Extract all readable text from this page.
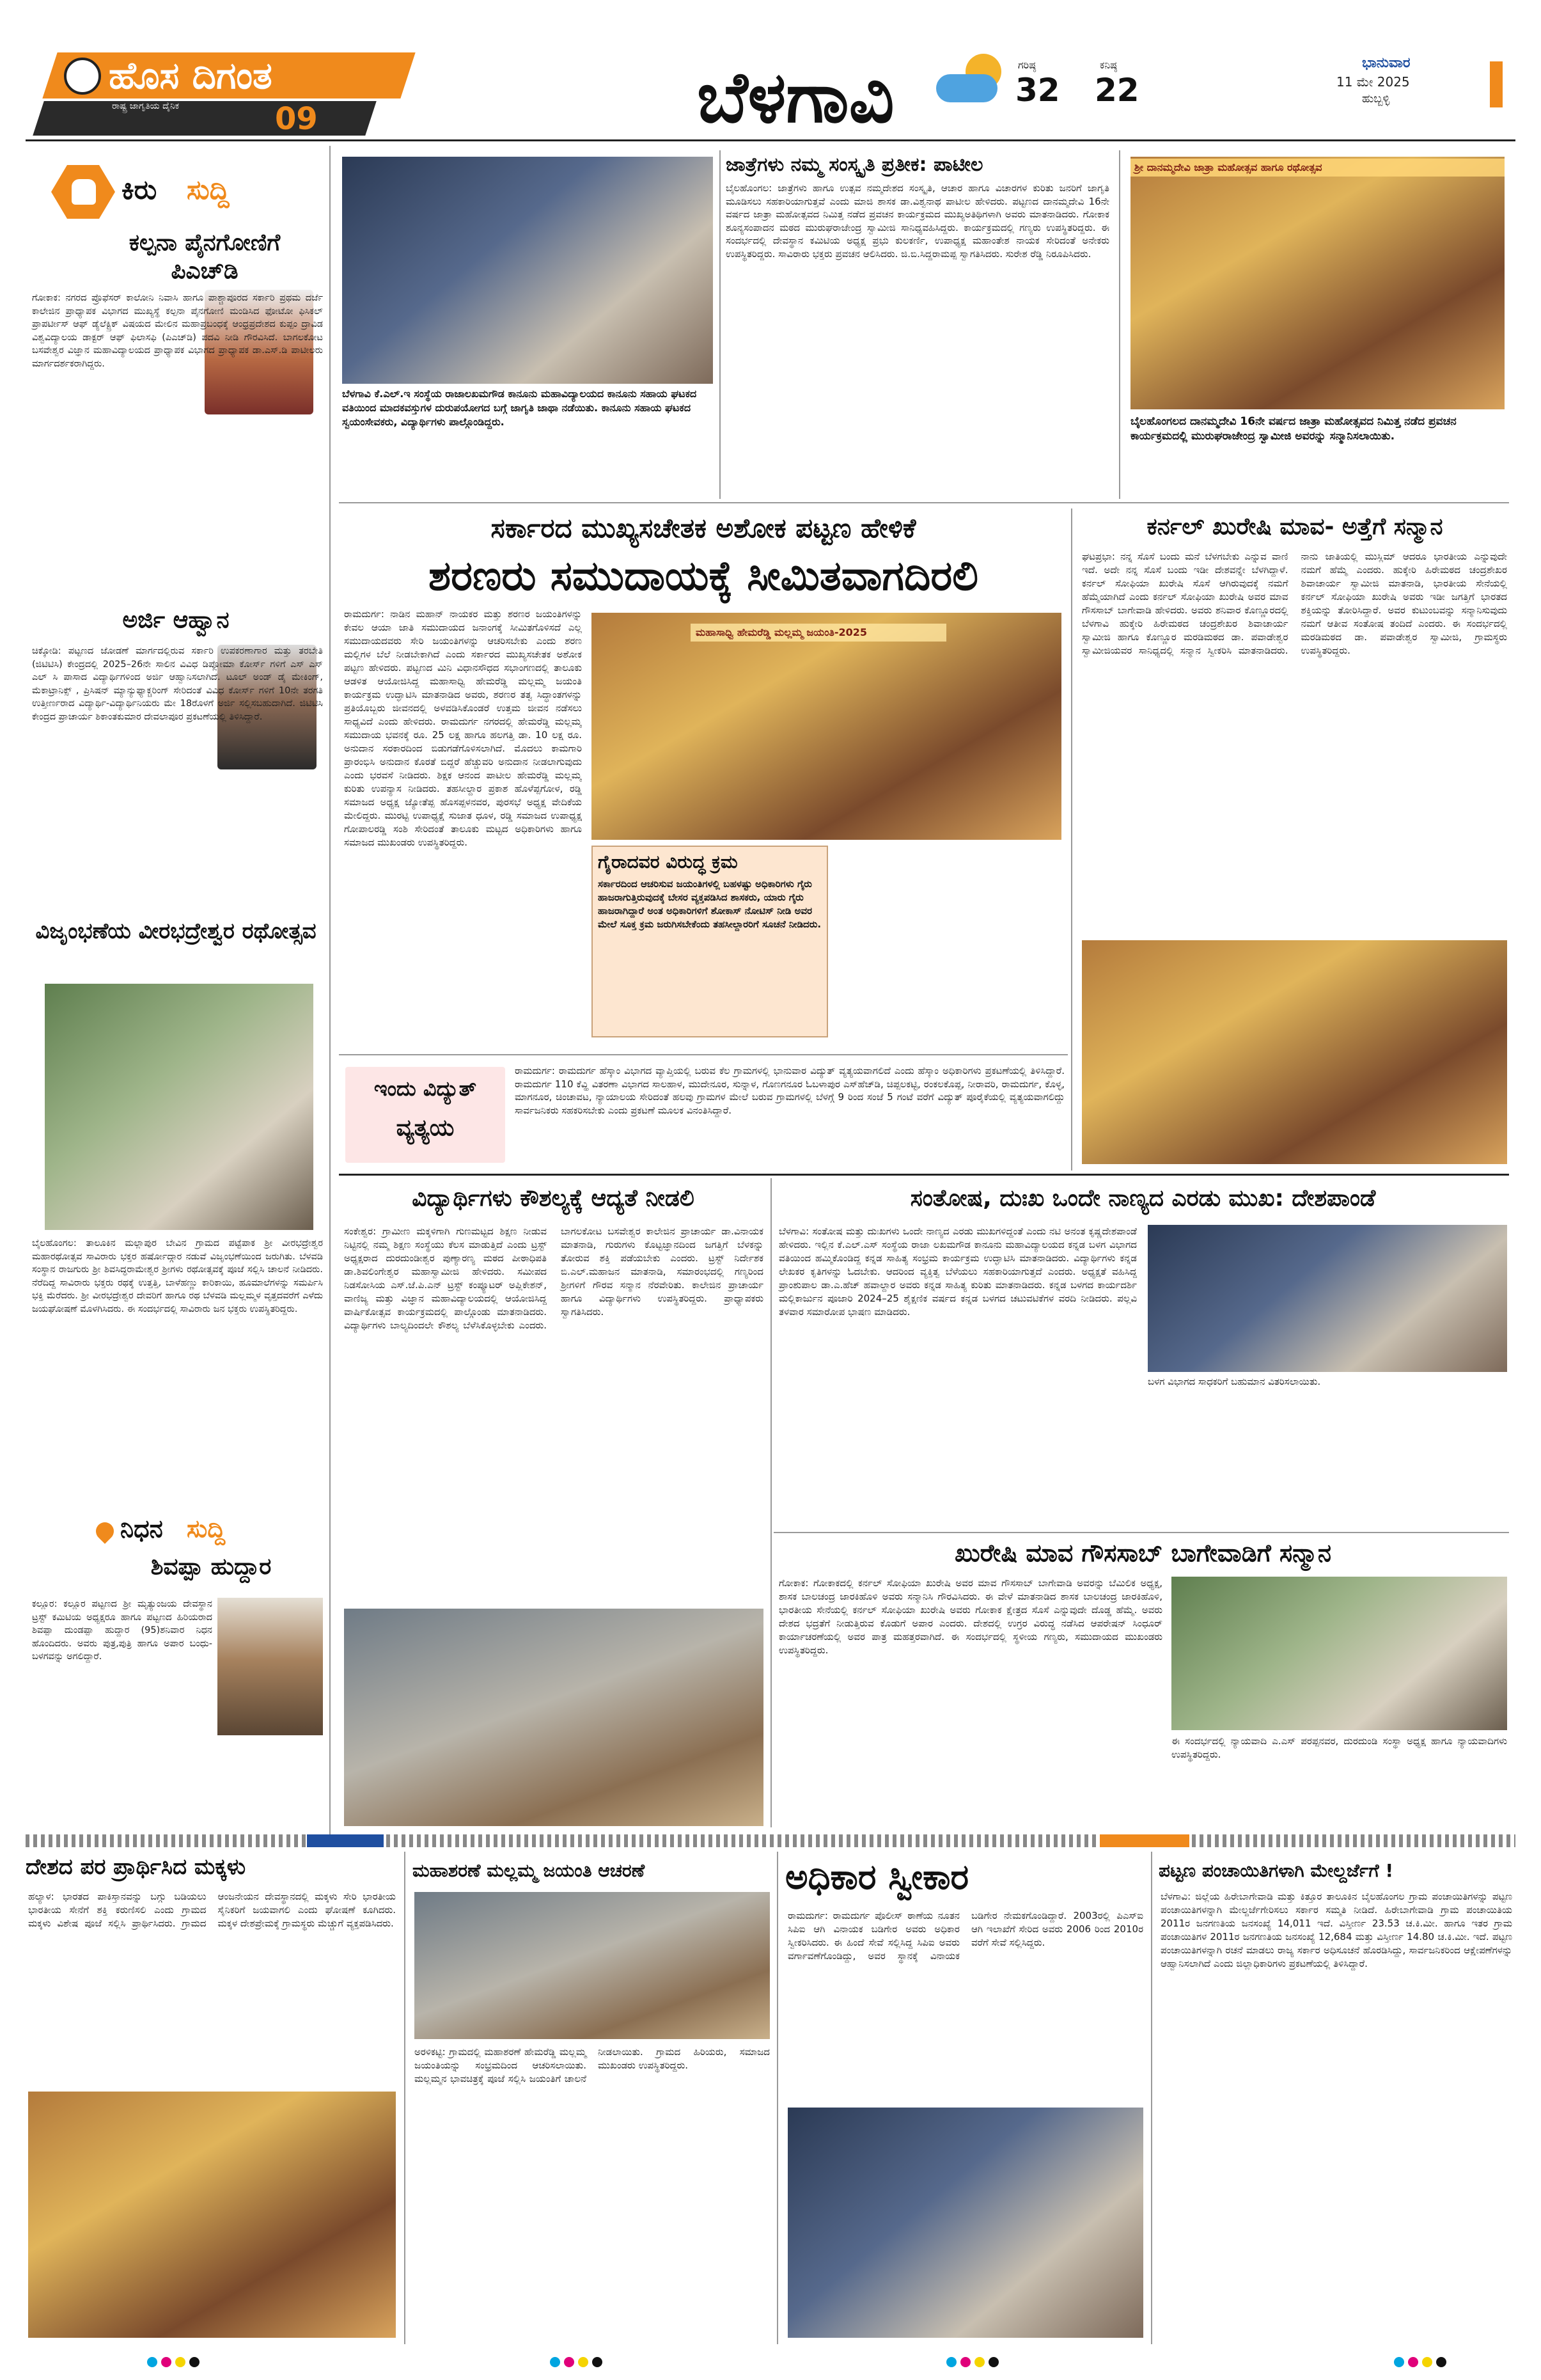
ಹೊಸ ದಿಗಂತ
ರಾಷ್ಟ್ರ ಜಾಗೃತಿಯ ದೈನಿಕ	09	ಬೆಳಗಾವಿ	ಗರಿಷ್ಠ
32
ಕನಿಷ್ಠ
22
ಭಾನುವಾರ
11 ಮೇ 2025
ಹುಬ್ಬಳ್ಳಿ
ಕಿರು ಸುದ್ದಿ
ಕಲ್ಪನಾ ಪೈನಗೋಣಿಗೆ ಪಿಎಚ್‌ಡಿ
ಗೋಕಾಕ: ನಗರದ ಪ್ರೊಫೆಸರ್ ಕಾಲೋನಿ ನಿವಾಸಿ ಹಾಗೂ ಪಾಶ್ಚಾಪೂರದ ಸರ್ಕಾರಿ ಪ್ರಥಮ ದರ್ಜೆ ಕಾಲೇಜಿನ ಪ್ರಾಧ್ಯಾಪಕ ವಿಭಾಗದ ಮುಖ್ಯಸ್ಥೆ ಕಲ್ಪನಾ ಪೈನಗೋಣಿ ಮಂಡಿಸಿದ ಫೋಟೋ ಫಿಸಿಕಲ್ ಪ್ರಾಪರ್ಟೀಸ್ ಆಫ್ ಡ್ಯೆಲೆಕ್ಟ್ರಿಕ್ ವಿಷಯದ ಮೇಲಿನ ಮಹಾಪ್ರಬಂಧಕ್ಕೆ ಆಂಧ್ರಪ್ರದೇಶದ ಕುಪ್ಪಂ ದ್ರಾವಿಡ ವಿಶ್ವವಿದ್ಯಾಲಯ ಡಾಕ್ಟರ್ ಆಫ್ ಫಿಲಾಸಫಿ (ಪಿಎಚ್‌ಡಿ) ಪದವಿ ನೀಡಿ ಗೌರವಿಸಿದೆ. ಬಾಗಲಕೋಟ ಬಸವೇಶ್ವರ ವಿಜ್ಞಾನ ಮಹಾವಿದ್ಯಾಲಯದ ಪ್ರಾಧ್ಯಾಪಕ ವಿಭಾಗದ ಪ್ರಾಧ್ಯಾಪಕ ಡಾ.ಎಸ್.ಡಿ ಪಾಟೀಲರು ಮಾರ್ಗದರ್ಶಕರಾಗಿದ್ದರು.
ಅರ್ಜಿ ಆಹ್ವಾನ
ಚಿಕ್ಕೋಡಿ: ಪಟ್ಟಣದ ಜೋಡಣೆ ಮಾರ್ಗದಲ್ಲಿರುವ ಸರ್ಕಾರಿ ಉಪಕರಣಾಗಾರ ಮತ್ತು ತರಬೇತಿ (ಜಿಟಿಟಿಸಿ) ಕೇಂದ್ರದಲ್ಲಿ 2025–26ನೇ ಸಾಲಿನ ವಿವಿಧ ಡಿಪ್ಲೋಮಾ ಕೋರ್ಸ್ ಗಳಿಗೆ ಎಸ್ ಎಸ್ ಎಲ್ ಸಿ ಪಾಸಾದ ವಿದ್ಯಾರ್ಥಿಗಳಿಂದ ಅರ್ಜಿ ಆಹ್ವಾನಿಸಲಾಗಿದೆ. ಟೂಲ್ ಅಂಡ್ ಡೈ ಮೇಕಿಂಗ್, ಮೆಕಾಟ್ರಾನಿಕ್ಸ್ , ಪ್ರಿಸಿಷನ್ ಮ್ಯಾನ್ಯುಫ್ಯಾಕ್ಚರಿಂಗ್ ಸೇರಿದಂತೆ ವಿವಿಧ ಕೋರ್ಸ್ ಗಳಿಗೆ 10ನೇ ತರಗತಿ ಉತ್ತೀರ್ಣರಾದ ವಿದ್ಯಾರ್ಥಿ-ವಿದ್ಯಾರ್ಥಿನಿಯರು ಮೇ 18ರೊಳಗೆ ಅರ್ಜಿ ಸಲ್ಲಿಸಬಹುದಾಗಿದೆ. ಜಿಟಿಟಿಸಿ ಕೇಂದ್ರದ ಪ್ರಾಚಾರ್ಯ ಶಿಕಾಂತಕುಮಾರ ದೇವಲಾಪೂರ ಪ್ರಕಟಣೆಯಲ್ಲಿ ತಿಳಿಸಿದ್ದಾರೆ.
ವಿಜೃಂಭಣೆಯ ವೀರಭದ್ರೇಶ್ವರ ರಥೋತ್ಸವ
ಬೈಲಹೊಂಗಲ: ತಾಲೂಕಿನ ಮಲ್ಲಾಪುರ ಬೇವಿನ ಗ್ರಾಮದ ಪಟ್ಟೆಪಾಕ ಶ್ರೀ ವೀರಭದ್ರೇಶ್ವರ ಮಹಾರಥೋತ್ಸವ ಸಾವಿರಾರು ಭಕ್ತರ ಹರ್ಷೋದ್ಗಾರ ನಡುವೆ ವಿಜೃಂಭಣೆಯಿಂದ ಜರುಗಿತು. ಬೆಳವಡಿ ಸಂಸ್ಥಾನ ರಾಜಗುರು ಶ್ರೀ ಶಿವಸಿದ್ಧರಾಮೇಶ್ವರ ಶ್ರೀಗಳು ರಥೋತ್ಸವಕ್ಕೆ ಪೂಜೆ ಸಲ್ಲಿಸಿ ಚಾಲನೆ ನೀಡಿದರು. ನೆರೆದಿದ್ದ ಸಾವಿರಾರು ಭಕ್ತರು ರಥಕ್ಕೆ ಉತ್ತತ್ತಿ, ಬಾಳೆಹಣ್ಣು ಕಾರಿಕಾಯಿ, ಹೂಮಾಲೆಗಳನ್ನು ಸಮರ್ಪಿಸಿ ಭಕ್ತಿ ಮೆರೆದರು. ಶ್ರೀ ವೀರಭದ್ರೇಶ್ವರ ದೇವರಿಗೆ ಹಾಗೂ ರಥ ಬೆಳವಡಿ ಮಲ್ಲಮ್ಮಳ ವೃತ್ತದವರೆಗೆ ಎಳೆದು ಜಯಘೋಷಣೆ ಮೊಳಗಿಸಿದರು. ಈ ಸಂದರ್ಭದಲ್ಲಿ ಸಾವಿರಾರು ಜನ ಭಕ್ತರು ಉಪಸ್ಥಿತರಿದ್ದರು.
ನಿಧನ ಸುದ್ದಿ
ಶಿವಪ್ಪಾ ಹುದ್ದಾರ
ಕಲ್ಲೂರ: ಕಲ್ಲೂರ ಪಟ್ಟಣದ ಶ್ರೀ ಮೃತ್ಯುಂಜಯ ದೇವಸ್ಥಾನ ಟ್ರಸ್ಟ್ ಕಮಿಟಿಯ ಅಧ್ಯಕ್ಷರೂ ಹಾಗೂ ಪಟ್ಟಣದ ಹಿರಿಯರಾದ ಶಿವಪ್ಪಾ ದುಂಡಪ್ಪಾ ಹುದ್ದಾರ (95)ಶನಿವಾರ ನಿಧನ ಹೊಂದಿದರು. ಅವರು ಪುತ್ರ,ಪುತ್ರಿ ಹಾಗೂ ಅಪಾರ ಬಂಧು-ಬಳಗವನ್ನು ಅಗಲಿದ್ದಾರೆ.
ಬೆಳಗಾವಿ ಕೆ.ಎಲ್.ಇ ಸಂಸ್ಥೆಯ ರಾಜಾಲಖಮಗೌಡ ಕಾನೂನು ಮಹಾವಿದ್ಯಾಲಯದ ಕಾನೂನು ಸಹಾಯ ಘಟಕದ ವತಿಯಿಂದ ಮಾದಕವಸ್ತುಗಳ ದುರುಪಯೋಗದ ಬಗ್ಗೆ ಜಾಗೃತಿ ಜಾಥಾ ನಡೆಯಿತು. ಕಾನೂನು ಸಹಾಯ ಘಟಕದ ಸ್ವಯಂಸೇವಕರು, ವಿದ್ಯಾರ್ಥಿಗಳು ಪಾಲ್ಗೊಂಡಿದ್ದರು.
ಜಾತ್ರೆಗಳು ನಮ್ಮ ಸಂಸ್ಕೃತಿ ಪ್ರತೀಕ: ಪಾಟೀಲ
ಬೈಲಹೊಂಗಲ: ಜಾತ್ರೆಗಳು ಹಾಗೂ ಉತ್ಸವ ನಮ್ಮದೇಶದ ಸಂಸ್ಕೃತಿ, ಆಚಾರ ಹಾಗೂ ವಿಚಾರಗಳ ಕುರಿತು ಜನರಿಗೆ ಜಾಗೃತಿ ಮೂಡಿಸಲು ಸಹಕಾರಿಯಾಗುತ್ತವೆ ಎಂದು ಮಾಜಿ ಶಾಸಕ ಡಾ.ವಿಶ್ವನಾಥ ಪಾಟೀಲ ಹೇಳಿದರು. ಪಟ್ಟಣದ ದಾನಮ್ಮದೇವಿ 16ನೇ ವರ್ಷದ ಜಾತ್ರಾ ಮಹೋತ್ಸವದ ನಿಮಿತ್ತ ನಡೆದ ಪ್ರವಚನ ಕಾರ್ಯಕ್ರಮದ ಮುಖ್ಯಅತಿಥಿಗಳಾಗಿ ಅವರು ಮಾತನಾಡಿದರು. ಗೋಕಾಕ ಶೂನ್ಯಸಂಪಾದನ ಮಠದ ಮುರುಘರಾಜೇಂದ್ರ ಸ್ವಾಮೀಜಿ ಸಾನಿಧ್ಯವಹಿಸಿದ್ದರು. ಕಾರ್ಯಕ್ರಮದಲ್ಲಿ ಗಣ್ಯರು ಉಪಸ್ಥಿತರಿದ್ದರು. ಈ ಸಂದರ್ಭದಲ್ಲಿ ದೇವಸ್ಥಾನ ಕಮಿಟಿಯ ಅಧ್ಯಕ್ಷ ಪ್ರಭು ಕುಲಕರ್ಣಿ, ಉಪಾಧ್ಯಕ್ಷ ಮಹಾಂತೇಶ ನಾಯಕ ಸೇರಿದಂತೆ ಅನೇಕರು ಉಪಸ್ಥಿತರಿದ್ದರು. ಸಾವಿರಾರು ಭಕ್ತರು ಪ್ರವಚನ ಆಲಿಸಿದರು. ಜಿ.ಬಿ.ಸಿದ್ದರಾಮಪ್ಪ ಸ್ವಾಗತಿಸಿದರು. ಸುರೇಶ ರೆಡ್ಡಿ ನಿರೂಪಿಸಿದರು.
ಶ್ರೀ ದಾನಮ್ಮದೇವಿ ಜಾತ್ರಾ ಮಹೋತ್ಸವ ಹಾಗೂ ರಥೋತ್ಸವ
ಬೈಲಹೊಂಗಲದ ದಾನಮ್ಮದೇವಿ 16ನೇ ವರ್ಷದ ಜಾತ್ರಾ ಮಹೋತ್ಸವದ ನಿಮಿತ್ತ ನಡೆದ ಪ್ರವಚನ ಕಾರ್ಯಕ್ರಮದಲ್ಲಿ ಮುರುಘರಾಜೇಂದ್ರ ಸ್ವಾಮೀಜಿ ಅವರನ್ನು ಸನ್ಮಾನಿಸಲಾಯಿತು.
ಸರ್ಕಾರದ ಮುಖ್ಯಸಚೇತಕ ಅಶೋಕ ಪಟ್ಟಣ ಹೇಳಿಕೆ
ಶರಣರು ಸಮುದಾಯಕ್ಕೆ ಸೀಮಿತವಾಗದಿರಲಿ
ರಾಮದುರ್ಗ: ನಾಡಿನ ಮಹಾನ್ ನಾಯಕರ ಮತ್ತು ಶರಣರ ಜಯಂತಿಗಳನ್ನು ಕೇವಲ ಆಯಾ ಜಾತಿ ಸಮುದಾಯದ ಜನಾಂಗಕ್ಕೆ ಸೀಮಿತಗೊಳಿಸದೆ ಎಲ್ಲ ಸಮುದಾಯದವರು ಸೇರಿ ಜಯಂತಿಗಳನ್ನು ಆಚರಿಸಬೇಕು ಎಂದು ಶರಣ ಮಲ್ಲಿಗಳ ಬೆಲೆ ನೀಡಬೇಕಾಗಿದೆ ಎಂದು ಸರ್ಕಾರದ ಮುಖ್ಯಸಚೇತಕ ಅಶೋಕ ಪಟ್ಟಣ ಹೇಳಿದರು. ಪಟ್ಟಣದ ಮಿನಿ ವಿಧಾನಸೌಧದ ಸಭಾಂಗಣದಲ್ಲಿ ತಾಲೂಕು ಆಡಳಿತ ಆಯೋಜಿಸಿದ್ದ ಮಹಾಸಾಧ್ವಿ ಹೇಮರೆಡ್ಡಿ ಮಲ್ಲಮ್ಮ ಜಯಂತಿ ಕಾರ್ಯಕ್ರಮ ಉದ್ಘಾಟಿಸಿ ಮಾತನಾಡಿದ ಅವರು, ಶರಣರ ತತ್ವ ಸಿದ್ಧಾಂತಗಳನ್ನು ಪ್ರತಿಯೊಬ್ಬರು ಜೀವನದಲ್ಲಿ ಅಳವಡಿಸಿಕೊಂಡರೆ ಉತ್ತಮ ಜೀವನ ನಡೆಸಲು ಸಾಧ್ಯವಿದೆ ಎಂದು ಹೇಳಿದರು. ರಾಮದುರ್ಗ ನಗರದಲ್ಲಿ ಹೇಮರೆಡ್ಡಿ ಮಲ್ಲಮ್ಮ ಸಮುದಾಯ ಭವನಕ್ಕೆ ರೂ. 25 ಲಕ್ಷ ಹಾಗೂ ಹಲಗತ್ತಿ ಡಾ. 10 ಲಕ್ಷ ರೂ. ಅನುದಾನ ಸರಕಾರದಿಂದ ಬಿಡುಗಡೆಗೊಳಿಸಲಾಗಿದೆ. ಮೊದಲು ಕಾಮಗಾರಿ ಪ್ರಾರಂಭಿಸಿ ಅನುದಾನ ಕೊರತೆ ಬಿದ್ದರೆ ಹೆಚ್ಚುವರಿ ಅನುದಾನ ನೀಡಲಾಗುವುದು ಎಂದು ಭರವಸೆ ನೀಡಿದರು. ಶಿಕ್ಷಕ ಆನಂದ ಪಾಟೀಲ ಹೇಮರೆಡ್ಡಿ ಮಲ್ಲಮ್ಮ ಕುರಿತು ಉಪನ್ಯಾಸ ನೀಡಿದರು. ತಹಸೀಲ್ದಾರ ಪ್ರಕಾಶ ಹೊಳೆಪ್ಪಗೋಳ, ರಡ್ಡಿ ಸಮಾಜದ ಅಧ್ಯಕ್ಷ ಜ್ಯೋತೆಪ್ಪ ಹೊಸಪ್ಪಳನವರ, ಪುರಸಭೆ ಅಧ್ಯಕ್ಷ ವೇದಿಕೆಯ ಮೇಲಿದ್ದರು. ಮುರಟ್ಟಿ ಉಪಾಧ್ಯಕ್ಷೆ ಸುಜಾತ ಧೂಳ, ರಡ್ಡಿ ಸಮಾಜದ ಉಪಾಧ್ಯಕ್ಷ ಗೋಪಾಲರಡ್ಡಿ ಸಂಶಿ ಸೇರಿದಂತೆ ತಾಲೂಕು ಮಟ್ಟದ ಅಧಿಕಾರಿಗಳು ಹಾಗೂ ಸಮಾಜದ ಮುಖಂಡರು ಉಪಸ್ಥಿತರಿದ್ದರು.
ಮಹಾಸಾಧ್ವಿ ಹೇಮರೆಡ್ಡಿ ಮಲ್ಲಮ್ಮ ಜಯಂತಿ-2025
ಗೈರಾದವರ ವಿರುದ್ಧ ಕ್ರಮ
ಸರ್ಕಾರದಿಂದ ಆಚರಿಸುವ ಜಯಂತಿಗಳಲ್ಲಿ ಬಹಳಷ್ಟು ಅಧಿಕಾರಿಗಳು ಗೈರು ಹಾಜರಾಗುತ್ತಿರುವುದಕ್ಕೆ ಬೇಸರ ವ್ಯಕ್ತಪಡಿಸಿದ ಶಾಸಕರು, ಯಾರು ಗೈರು ಹಾಜರಾಗಿದ್ದಾರೆ ಅಂತ ಅಧಿಕಾರಿಗಳಿಗೆ ಶೋಕಾಸ್ ನೋಟಿಸ್ ನೀಡಿ ಅವರ ಮೇಲೆ ಸೂಕ್ತ ಕ್ರಮ ಜರುಗಿಸಬೇಕೆಂದು ತಹಸೀಲ್ದಾರರಿಗೆ ಸೂಚನೆ ನೀಡಿದರು.
ಇಂದು ವಿದ್ಯುತ್
ವ್ಯತ್ಯಯ
ರಾಮದುರ್ಗ: ರಾಮದುರ್ಗ ಹೆಸ್ಕಾಂ ವಿಭಾಗದ ವ್ಯಾಪ್ತಿಯಲ್ಲಿ ಬರುವ ಕೆಲ ಗ್ರಾಮಗಳಲ್ಲಿ ಭಾನುವಾರ ವಿದ್ಯುತ್ ವ್ಯತ್ಯಯವಾಗಲಿದೆ ಎಂದು ಹೆಸ್ಕಾಂ ಅಧಿಕಾರಿಗಳು ಪ್ರಕಟಣೆಯಲ್ಲಿ ತಿಳಿಸಿದ್ದಾರೆ. ರಾಮದುರ್ಗ 110 ಕೆವ್ಹಿ ವಿತರಣಾ ವಿಭಾಗದ ಸಾಲಹಾಳ, ಮುದೇನೂರ, ಸುನ್ನಾಳ, ಗೊಣಗನೂರ ಓಬಳಾಪುರ ಎಸ್‌ಹೆಚ್‌ಡಿ, ಚಿಪ್ಪಲಕಟ್ಟಿ, ರಂಕಲಕೊಪ್ಪ, ನೀರಾವರಿ, ರಾಮದುರ್ಗ, ಕೊಳ್ಳ, ಮಾಗನೂರ, ಚಿಂಚಾವಟ, ನ್ಯಾಯಾಲಯ ಸೇರಿದಂತೆ ಹಲವು ಗ್ರಾಮಗಳ ಮೇಲೆ ಬರುವ ಗ್ರಾಮಗಳಲ್ಲಿ ಬೆಳಗ್ಗೆ 9 ರಿಂದ ಸಂಜೆ 5 ಗಂಟೆ ವರೆಗೆ ವಿದ್ಯುತ್ ಪೂರೈಕೆಯಲ್ಲಿ ವ್ಯತ್ಯಯವಾಗಲಿದ್ದು ಸಾರ್ವಜನಿಕರು ಸಹಕರಿಸಬೇಕು ಎಂದು ಪ್ರಕಟಣೆ ಮೂಲಕ ವಿನಂತಿಸಿದ್ದಾರೆ.
ಕರ್ನಲ್ ಖುರೇಷಿ ಮಾವ- ಅತ್ತೆಗೆ ಸನ್ಮಾನ
ಘಟಪ್ರಭಾ: ನನ್ನ ಸೊಸೆ ಬಂದು ಮನೆ ಬೆಳಗಬೇಕು ಎನ್ನುವ ವಾಣಿ ಇದೆ. ಅದೇ ನನ್ನ ಸೊಸೆ ಬಂದು ಇಡೀ ದೇಶವನ್ನೇ ಬೆಳಗಿದ್ದಾಳೆ. ಕರ್ನಲ್ ಸೋಫಿಯಾ ಖುರೇಷಿ ಸೊಸೆ ಆಗಿರುವುದಕ್ಕೆ ನಮಗೆ ಹೆಮ್ಮೆಯಾಗಿದೆ ಎಂದು ಕರ್ನಲ್ ಸೋಫಿಯಾ ಖುರೇಷಿ ಅವರ ಮಾವ ಗೌಸಸಾಬ್ ಬಾಗೇವಾಡಿ ಹೇಳಿದರು. ಅವರು ಶನಿವಾರ ಕೊಣ್ಣೂರದಲ್ಲಿ ಬೆಳಗಾವಿ ಹುಕ್ಕೇರಿ ಹಿರೇಮಠದ ಚಂದ್ರಶೇಖರ ಶಿವಾಚಾರ್ಯ ಸ್ವಾಮೀಜಿ ಹಾಗೂ ಕೊಣ್ಣೂರ ಮರಡಿಮಠದ ಡಾ. ಪವಾಡೇಶ್ವರ ಸ್ವಾಮೀಜಿಯವರ ಸಾನಿಧ್ಯದಲ್ಲಿ ಸನ್ಮಾನ ಸ್ವೀಕರಿಸಿ ಮಾತನಾಡಿದರು. ನಾನು ಜಾತಿಯಲ್ಲಿ ಮುಸ್ಲಿಮ್ ಆದರೂ ಭಾರತೀಯ ಎನ್ನುವುದೇ ನಮಗೆ ಹೆಮ್ಮೆ ಎಂದರು. ಹುಕ್ಕೇರಿ ಹಿರೇಮಠದ ಚಂದ್ರಶೇಖರ ಶಿವಾಚಾರ್ಯ ಸ್ವಾಮೀಜಿ ಮಾತನಾಡಿ, ಭಾರತೀಯ ಸೇನೆಯಲ್ಲಿ ಕರ್ನಲ್ ಸೋಫಿಯಾ ಖುರೇಷಿ ಅವರು ಇಡೀ ಜಗತ್ತಿಗೆ ಭಾರತದ ಶಕ್ತಿಯನ್ನು ತೋರಿಸಿದ್ದಾರೆ. ಅವರ ಕುಟುಂಬವನ್ನು ಸನ್ಮಾನಿಸುವುದು ನಮಗೆ ಆತೀವ ಸಂತೋಷ ತಂದಿದೆ ಎಂದರು. ಈ ಸಂದರ್ಭದಲ್ಲಿ ಮರಡಿಮಠದ ಡಾ. ಪವಾಡೇಶ್ವರ ಸ್ವಾಮೀಜಿ, ಗ್ರಾಮಸ್ಥರು ಉಪಸ್ಥಿತರಿದ್ದರು.
ವಿದ್ಯಾರ್ಥಿಗಳು ಕೌಶಲ್ಯಕ್ಕೆ ಆದ್ಯತೆ ನೀಡಲಿ
ಸಂಕೇಶ್ವರ: ಗ್ರಾಮೀಣ ಮಕ್ಕಳಿಗಾಗಿ ಗುಣಮಟ್ಟದ ಶಿಕ್ಷಣ ನೀಡುವ ನಿಟ್ಟಿನಲ್ಲಿ ನಮ್ಮ ಶಿಕ್ಷಣ ಸಂಸ್ಥೆಯು ಕೆಲಸ ಮಾಡುತ್ತಿದೆ ಎಂದು ಟ್ರಸ್ಟ್ ಅಧ್ಯಕ್ಷರಾದ ದುರದುಂಡೀಶ್ವರ ಪುಣ್ಯಾರಣ್ಯ ಮಠದ ಪೀಠಾಧಿಪತಿ ಡಾ.ಶಿವಲಿಂಗೇಶ್ವರ ಮಹಾಸ್ವಾಮೀಜಿ ಹೇಳಿದರು. ಸಮೀಪದ ನಿಡಸೋಸಿಯ ಎಸ್.ಜೆ.ಪಿ.ಎನ್ ಟ್ರಸ್ಟ್ ಕಂಪ್ಯೂಟರ್ ಅಪ್ಲಿಕೇಶನ್, ವಾಣಿಜ್ಯ ಮತ್ತು ವಿಜ್ಞಾನ ಮಹಾವಿದ್ಯಾಲಯದಲ್ಲಿ ಆಯೋಜಿಸಿದ್ದ ವಾರ್ಷಿಕೋತ್ಸವ ಕಾರ್ಯಕ್ರಮದಲ್ಲಿ ಪಾಲ್ಗೊಂಡು ಮಾತನಾಡಿದರು. ವಿದ್ಯಾರ್ಥಿಗಳು ಬಾಲ್ಯದಿಂದಲೇ ಕೌಶಲ್ಯ ಬೆಳೆಸಿಕೊಳ್ಳಬೇಕು ಎಂದರು. ಬಾಗಲಕೋಟ ಬಸವೇಶ್ವರ ಕಾಲೇಜಿನ ಪ್ರಾಚಾರ್ಯ ಡಾ.ವಿನಾಯಕ ಮಾತನಾಡಿ, ಗುರುಗಳು ಕೊಟ್ಟಜ್ಞಾನದಿಂದ ಜಗತ್ತಿಗೆ ಬೆಳಕನ್ನು ತೋರುವ ಶಕ್ತಿ ಪಡೆಯಬೇಕು ಎಂದರು. ಟ್ರಸ್ಟ್ ನಿರ್ದೇಶಕ ಬಿ.ಎಲ್.ಮಹಾಜನ ಮಾತನಾಡಿ, ಸಮಾರಂಭದಲ್ಲಿ ಗಣ್ಯರಿಂದ ಶ್ರೀಗಳಿಗೆ ಗೌರವ ಸನ್ಮಾನ ನೆರವೇರಿತು. ಕಾಲೇಜಿನ ಪ್ರಾಚಾರ್ಯ ಹಾಗೂ ವಿದ್ಯಾರ್ಥಿಗಳು ಉಪಸ್ಥಿತರಿದ್ದರು. ಪ್ರಾಧ್ಯಾಪಕರು ಸ್ವಾಗತಿಸಿದರು.
ಸಂತೋಷ, ದುಃಖ ಒಂದೇ ನಾಣ್ಯದ ಎರಡು ಮುಖ: ದೇಶಪಾಂಡೆ
ಬೆಳಗಾವಿ: ಸಂತೋಷ ಮತ್ತು ದುಃಖಗಳು ಒಂದೇ ನಾಣ್ಯದ ಎರಡು ಮುಖಗಳಿದ್ದಂತೆ ಎಂದು ನಟಿ ಅನಂತ ಕೃಷ್ಣದೇಶಪಾಂಡೆ ಹೇಳಿದರು. ಇಲ್ಲಿನ ಕೆ.ಎಲ್.ಎಸ್ ಸಂಸ್ಥೆಯ ರಾಜಾ ಲಖಮಗೌಡ ಕಾನೂನು ಮಹಾವಿದ್ಯಾಲಯದ ಕನ್ನಡ ಬಳಗ ವಿಭಾಗದ ವತಿಯಿಂದ ಹಮ್ಮಿಕೊಂಡಿದ್ದ ಕನ್ನಡ ಸಾಹಿತ್ಯ ಸಂಭ್ರಮ ಕಾರ್ಯಕ್ರಮ ಉದ್ಘಾಟಿಸಿ ಮಾತನಾಡಿದರು. ವಿದ್ಯಾರ್ಥಿಗಳು ಕನ್ನಡ ಲೇಖಕರ ಕೃತಿಗಳನ್ನು ಓದಬೇಕು. ಆದರಿಂದ ವ್ಯಕ್ತಿತ್ವ ಬೆಳೆಯಲು ಸಹಕಾರಿಯಾಗುತ್ತದೆ ಎಂದರು. ಅಧ್ಯಕ್ಷತೆ ವಹಿಸಿದ್ದ ಪ್ರಾಂಶುಪಾಲ ಡಾ.ಎ.ಹೆಚ್ ಹವಾಲ್ದಾರ ಅವರು ಕನ್ನಡ ಸಾಹಿತ್ಯ ಕುರಿತು ಮಾತನಾಡಿದರು. ಕನ್ನಡ ಬಳಗದ ಕಾರ್ಯದರ್ಶಿ ಮಲ್ಲಿಕಾರ್ಜುನ ಪೂಜಾರಿ 2024–25 ಶೈಕ್ಷಣಿಕ ವರ್ಷದ ಕನ್ನಡ ಬಳಗದ ಚಟುವಟಿಕೆಗಳ ವರದಿ ನೀಡಿದರು. ಪಲ್ಲವಿ ತಳವಾರ ಸಮಾರೋಪ ಭಾಷಣ ಮಾಡಿದರು.
ಬಳಗ ವಿಭಾಗದ ಸಾಧಕರಿಗೆ ಬಹುಮಾನ ವಿತರಿಸಲಾಯಿತು.
ಖುರೇಷಿ ಮಾವ ಗೌಸಸಾಬ್ ಬಾಗೇವಾಡಿಗೆ ಸನ್ಮಾನ
ಗೋಕಾಕ: ಗೋಕಾಕದಲ್ಲಿ ಕರ್ನಲ್ ಸೋಫಿಯಾ ಖುರೇಷಿ ಅವರ ಮಾವ ಗೌಸಸಾಬ್ ಬಾಗೇವಾಡಿ ಅವರನ್ನು ಬೆಮಿಲಿಕ ಅಧ್ಯಕ್ಷ, ಶಾಸಕ ಬಾಲಚಂದ್ರ ಜಾರಕಿಹೊಳಿ ಅವರು ಸನ್ಮಾನಿಸಿ ಗೌರವಿಸಿದರು. ಈ ವೇಳೆ ಮಾತನಾಡಿದ ಶಾಸಕ ಬಾಲಚಂದ್ರ ಜಾರಕಿಹೊಳಿ, ಭಾರತೀಯ ಸೇನೆಯಲ್ಲಿ ಕರ್ನಲ್ ಸೋಫಿಯಾ ಖುರೇಷಿ ಅವರು ಗೋಕಾಕ ಕ್ಷೇತ್ರದ ಸೊಸೆ ಎನ್ನುವುದೇ ದೊಡ್ಡ ಹೆಮ್ಮೆ. ಅವರು ದೇಶದ ಭದ್ರತೆಗೆ ನೀಡುತ್ತಿರುವ ಕೊಡುಗೆ ಅಪಾರ ಎಂದರು. ದೇಶದಲ್ಲಿ ಉಗ್ರರ ವಿರುದ್ಧ ನಡೆಸಿದ ಆಪರೇಷನ್ ಸಿಂಧೂರ್ ಕಾರ್ಯಾಚರಣೆಯಲ್ಲಿ ಅವರ ಪಾತ್ರ ಮಹತ್ತರವಾಗಿದೆ. ಈ ಸಂದರ್ಭದಲ್ಲಿ ಸ್ಥಳೀಯ ಗಣ್ಯರು, ಸಮುದಾಯದ ಮುಖಂಡರು ಉಪಸ್ಥಿತರಿದ್ದರು.
ಈ ಸಂದರ್ಭದಲ್ಲಿ ನ್ಯಾಯವಾದಿ ಎ.ಎಸ್ ಪರಪ್ಪನವರ, ದುರದುಂಡಿ ಸಂಸ್ಥಾ ಅಧ್ಯಕ್ಷ ಹಾಗೂ ನ್ಯಾಯವಾದಿಗಳು ಉಪಸ್ಥಿತರಿದ್ದರು.
ದೇಶದ ಪರ ಪ್ರಾರ್ಥಿಸಿದ ಮಕ್ಕಳು
ಹಲ್ಯಾಳ: ಭಾರತದ ಪಾಕಿಸ್ತಾನವನ್ನು ಬಗ್ಗು ಬಡಿಯಲು ಭಾರತೀಯ ಸೇನೆಗೆ ಶಕ್ತಿ ಕರುಣಿಸಲಿ ಎಂದು ಗ್ರಾಮದ ಮಕ್ಕಳು ವಿಶೇಷ ಪೂಜೆ ಸಲ್ಲಿಸಿ ಪ್ರಾರ್ಥಿಸಿದರು. ಗ್ರಾಮದ ಆಂಜನೇಯನ ದೇವಸ್ಥಾನದಲ್ಲಿ ಮಕ್ಕಳು ಸೇರಿ ಭಾರತೀಯ ಸೈನಿಕರಿಗೆ ಜಯವಾಗಲಿ ಎಂದು ಘೋಷಣೆ ಕೂಗಿದರು. ಮಕ್ಕಳ ದೇಶಪ್ರೇಮಕ್ಕೆ ಗ್ರಾಮಸ್ಥರು ಮೆಚ್ಚುಗೆ ವ್ಯಕ್ತಪಡಿಸಿದರು.
ಮಹಾಶರಣೆ ಮಲ್ಲಮ್ಮ ಜಯಂತಿ ಆಚರಣೆ
ಅರಳಿಕಟ್ಟಿ: ಗ್ರಾಮದಲ್ಲಿ ಮಹಾಶರಣೆ ಹೇಮರೆಡ್ಡಿ ಮಲ್ಲಮ್ಮ ಜಯಂತಿಯನ್ನು ಸಂಭ್ರಮದಿಂದ ಆಚರಿಸಲಾಯಿತು. ಮಲ್ಲಮ್ಮನ ಭಾವಚಿತ್ರಕ್ಕೆ ಪೂಜೆ ಸಲ್ಲಿಸಿ ಜಯಂತಿಗೆ ಚಾಲನೆ ನೀಡಲಾಯಿತು. ಗ್ರಾಮದ ಹಿರಿಯರು, ಸಮಾಜದ ಮುಖಂಡರು ಉಪಸ್ಥಿತರಿದ್ದರು.
ಅಧಿಕಾರ ಸ್ವೀಕಾರ
ರಾಮದುರ್ಗ: ರಾಮದುರ್ಗ ಪೊಲೀಸ್ ಠಾಣೆಯ ನೂತನ ಸಿಪಿಐ ಆಗಿ ವಿನಾಯಕ ಬಡಿಗೇರ ಅವರು ಅಧಿಕಾರ ಸ್ವೀಕರಿಸಿದರು. ಈ ಹಿಂದೆ ಸೇವೆ ಸಲ್ಲಿಸಿದ್ದ ಸಿಪಿಐ ಅವರು ವರ್ಗಾವಣೆಗೊಂಡಿದ್ದು, ಅವರ ಸ್ಥಾನಕ್ಕೆ ವಿನಾಯಕ ಬಡಿಗೇರ ನೇಮಕಗೊಂಡಿದ್ದಾರೆ. 2003ರಲ್ಲಿ ಪಿಎಸ್ಐ ಆಗಿ ಇಲಾಖೆಗೆ ಸೇರಿದ ಅವರು 2006 ರಿಂದ 2010ರ ವರೆಗೆ ಸೇವೆ ಸಲ್ಲಿಸಿದ್ದರು.
ಪಟ್ಟಣ ಪಂಚಾಯಿತಿಗಳಾಗಿ ಮೇಲ್ದರ್ಜೆಗೆ !
ಬೆಳಗಾವಿ: ಜಿಲ್ಲೆಯ ಹಿರೇಬಾಗೇವಾಡಿ ಮತ್ತು ಕಿತ್ತೂರ ತಾಲೂಕಿನ ಬೈಲಹೊಂಗಲ ಗ್ರಾಮ ಪಂಚಾಯಿತಿಗಳನ್ನು ಪಟ್ಟಣ ಪಂಚಾಯಿತಿಗಳನ್ನಾಗಿ ಮೇಲ್ದರ್ಜೆಗೇರಿಸಲು ಸರ್ಕಾರ ಸಮ್ಮತಿ ನೀಡಿದೆ. ಹಿರೇಬಾಗೇವಾಡಿ ಗ್ರಾಮ ಪಂಚಾಯಿತಿಯ 2011ರ ಜನಗಣತಿಯ ಜನಸಂಖ್ಯೆ 14,011 ಇದೆ. ವಿಸ್ತೀರ್ಣ 23.53 ಚ.ಕಿ.ಮೀ. ಹಾಗೂ ಇತರ ಗ್ರಾಮ ಪಂಚಾಯಿತಿಗಳ 2011ರ ಜನಗಣತಿಯ ಜನಸಂಖ್ಯೆ 12,684 ಮತ್ತು ವಿಸ್ತೀರ್ಣ 14.80 ಚ.ಕಿ.ಮೀ. ಇದೆ. ಪಟ್ಟಣ ಪಂಚಾಯಿತಿಗಳನ್ನಾಗಿ ರಚನೆ ಮಾಡಲು ರಾಜ್ಯ ಸರ್ಕಾರ ಅಧಿಸೂಚನೆ ಹೊರಡಿಸಿದ್ದು, ಸಾರ್ವಜನಿಕರಿಂದ ಆಕ್ಷೇಪಣೆಗಳನ್ನು ಆಹ್ವಾನಿಸಲಾಗಿದೆ ಎಂದು ಜಿಲ್ಲಾಧಿಕಾರಿಗಳು ಪ್ರಕಟಣೆಯಲ್ಲಿ ತಿಳಿಸಿದ್ದಾರೆ.
